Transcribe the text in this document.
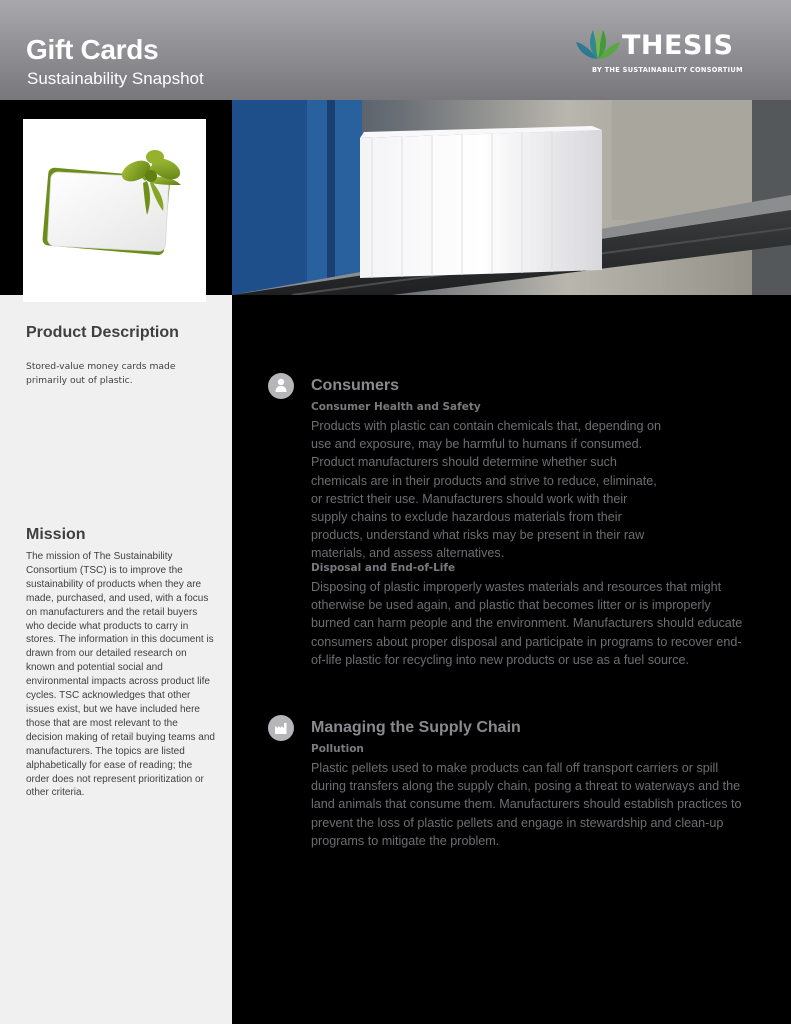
Gift Cards
Sustainability Snapshot
THESIS
BY THE SUSTAINABILITY CONSORTIUM
Product Description
Stored-value money cards made primarily out of plastic.
Mission
The mission of The Sustainability Consortium (TSC) is to improve the sustainability of products when they are made, purchased, and used, with a focus on manufacturers and the retail buyers who decide what products to carry in stores. The information in this document is drawn from our detailed research on known and potential social and environmental impacts across product life cycles. TSC acknowledges that other issues exist, but we have included here those that are most relevant to the decision making of retail buying teams and manufacturers. The topics are listed alphabetically for ease of reading; the order does not represent prioritization or other criteria.
Consumers
Consumer Health and Safety
Products with plastic can contain chemicals that, depending on use and exposure, may be harmful to humans if consumed. Product manufacturers should determine whether such chemicals are in their products and strive to reduce, eliminate, or restrict their use. Manufacturers should work with their supply chains to exclude hazardous materials from their products, understand what risks may be present in their raw materials, and assess alternatives.
Disposal and End-of-Life
Disposing of plastic improperly wastes materials and resources that might otherwise be used again, and plastic that becomes litter or is improperly burned can harm people and the environment. Manufacturers should educate consumers about proper disposal and participate in programs to recover end-of-life plastic for recycling into new products or use as a fuel source.
Managing the Supply Chain
Pollution
Plastic pellets used to make products can fall off transport carriers or spill during transfers along the supply chain, posing a threat to waterways and the land animals that consume them. Manufacturers should establish practices to prevent the loss of plastic pellets and engage in stewardship and clean-up programs to mitigate the problem.
